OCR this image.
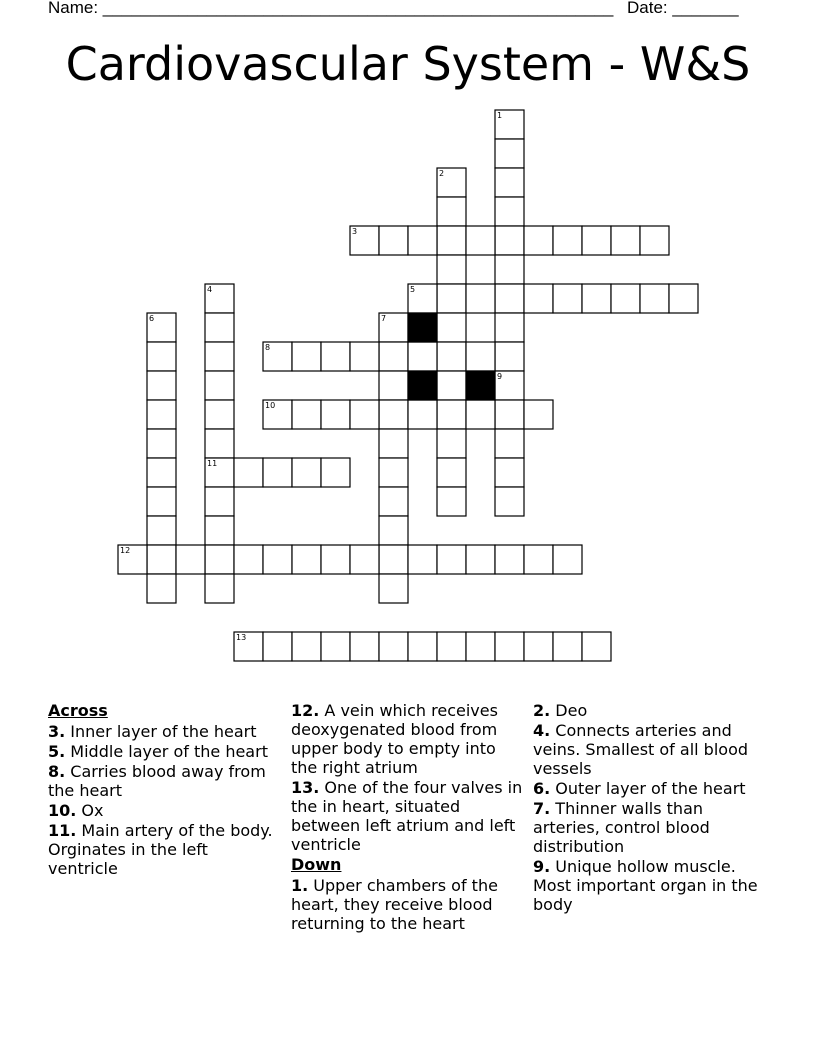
Name: ______________________________________________________ Date: _______
Cardiovascular System - W&S
1
2
3
4	5
6	7
8
9
10
11
12
13
Across
3. Inner layer of the heart
5. Middle layer of the heart
8. Carries blood away from the heart
10. Ox
11. Main artery of the body. Orginates in the left ventricle
12. A vein which receives deoxygenated blood from upper body to empty into the right atrium
13. One of the four valves in the in heart, situated between left atrium and left ventricle
Down
1. Upper chambers of the heart, they receive blood returning to the heart
2. Deo
4. Connects arteries and veins. Smallest of all blood vessels
6. Outer layer of the heart
7. Thinner walls than arteries, control blood distribution
9. Unique hollow muscle. Most important organ in the body
